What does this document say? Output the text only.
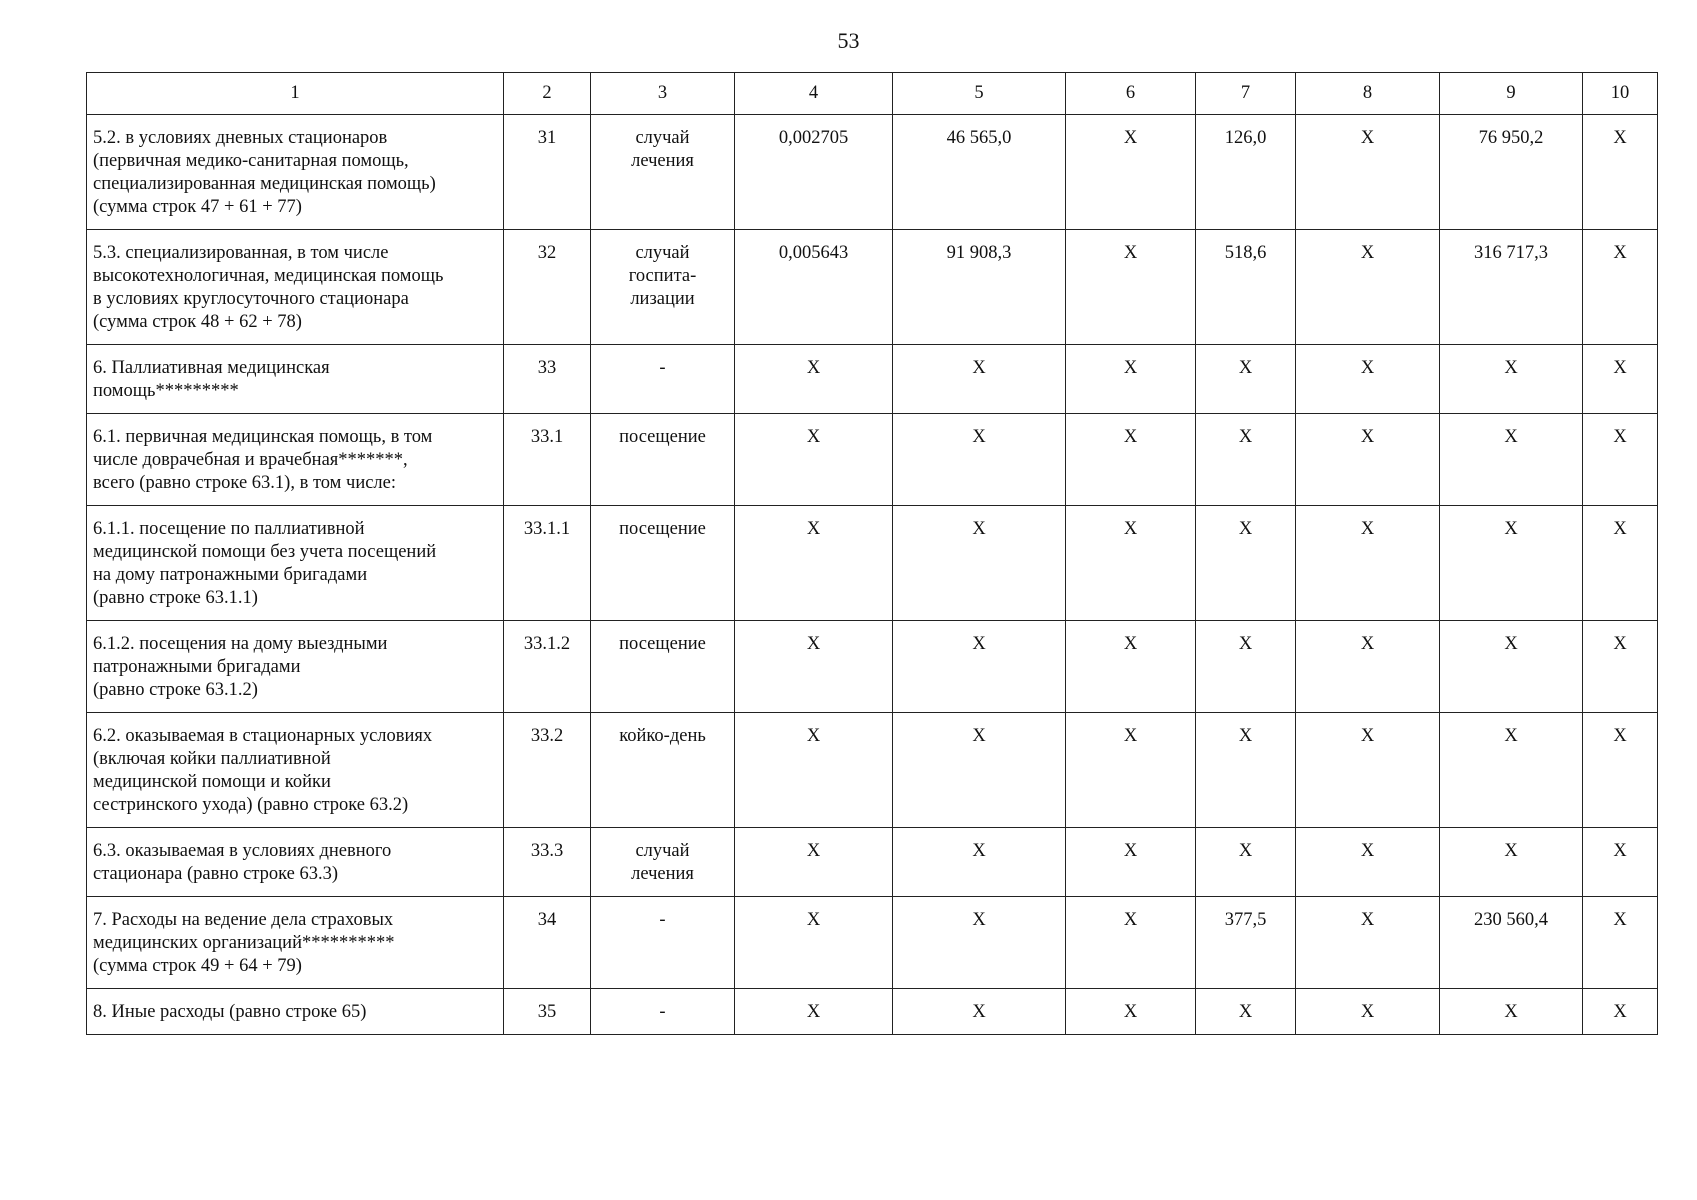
53
1	2	3	4	5	6	7	8	9	10
5.2. в условиях дневных стационаров
(первичная медико-санитарная помощь,
специализированная медицинская помощь)
(сумма строк 47 + 61 + 77)	31	случай
лечения	0,002705	46 565,0	Х	126,0	Х	76 950,2	Х
5.3. специализированная, в том числе
высокотехнологичная, медицинская помощь
в условиях круглосуточного стационара
(сумма строк 48 + 62 + 78)	32	случай
госпита-
лизации	0,005643	91 908,3	Х	518,6	Х	316 717,3	Х
6. Паллиативная медицинская
помощь*********	33	-	Х	Х	Х	Х	Х	Х	Х
6.1. первичная медицинская помощь, в том
числе доврачебная и врачебная*******,
всего (равно строке 63.1), в том числе:	33.1	посещение	Х	Х	Х	Х	Х	Х	Х
6.1.1. посещение по паллиативной
медицинской помощи без учета посещений
на дому патронажными бригадами
(равно строке 63.1.1)	33.1.1	посещение	Х	Х	Х	Х	Х	Х	Х
6.1.2. посещения на дому выездными
патронажными бригадами
(равно строке 63.1.2)	33.1.2	посещение	Х	Х	Х	Х	Х	Х	Х
6.2. оказываемая в стационарных условиях
(включая койки паллиативной
медицинской помощи и койки
сестринского ухода) (равно строке 63.2)	33.2	койко-день	Х	Х	Х	Х	Х	Х	Х
6.3. оказываемая в условиях дневного
стационара (равно строке 63.3)	33.3	случай
лечения	Х	Х	Х	Х	Х	Х	Х
7. Расходы на ведение дела страховых
медицинских организаций**********
(сумма строк 49 + 64 + 79)	34	-	Х	Х	Х	377,5	Х	230 560,4	Х
8. Иные расходы (равно строке 65)	35	-	Х	Х	Х	Х	Х	Х	Х
